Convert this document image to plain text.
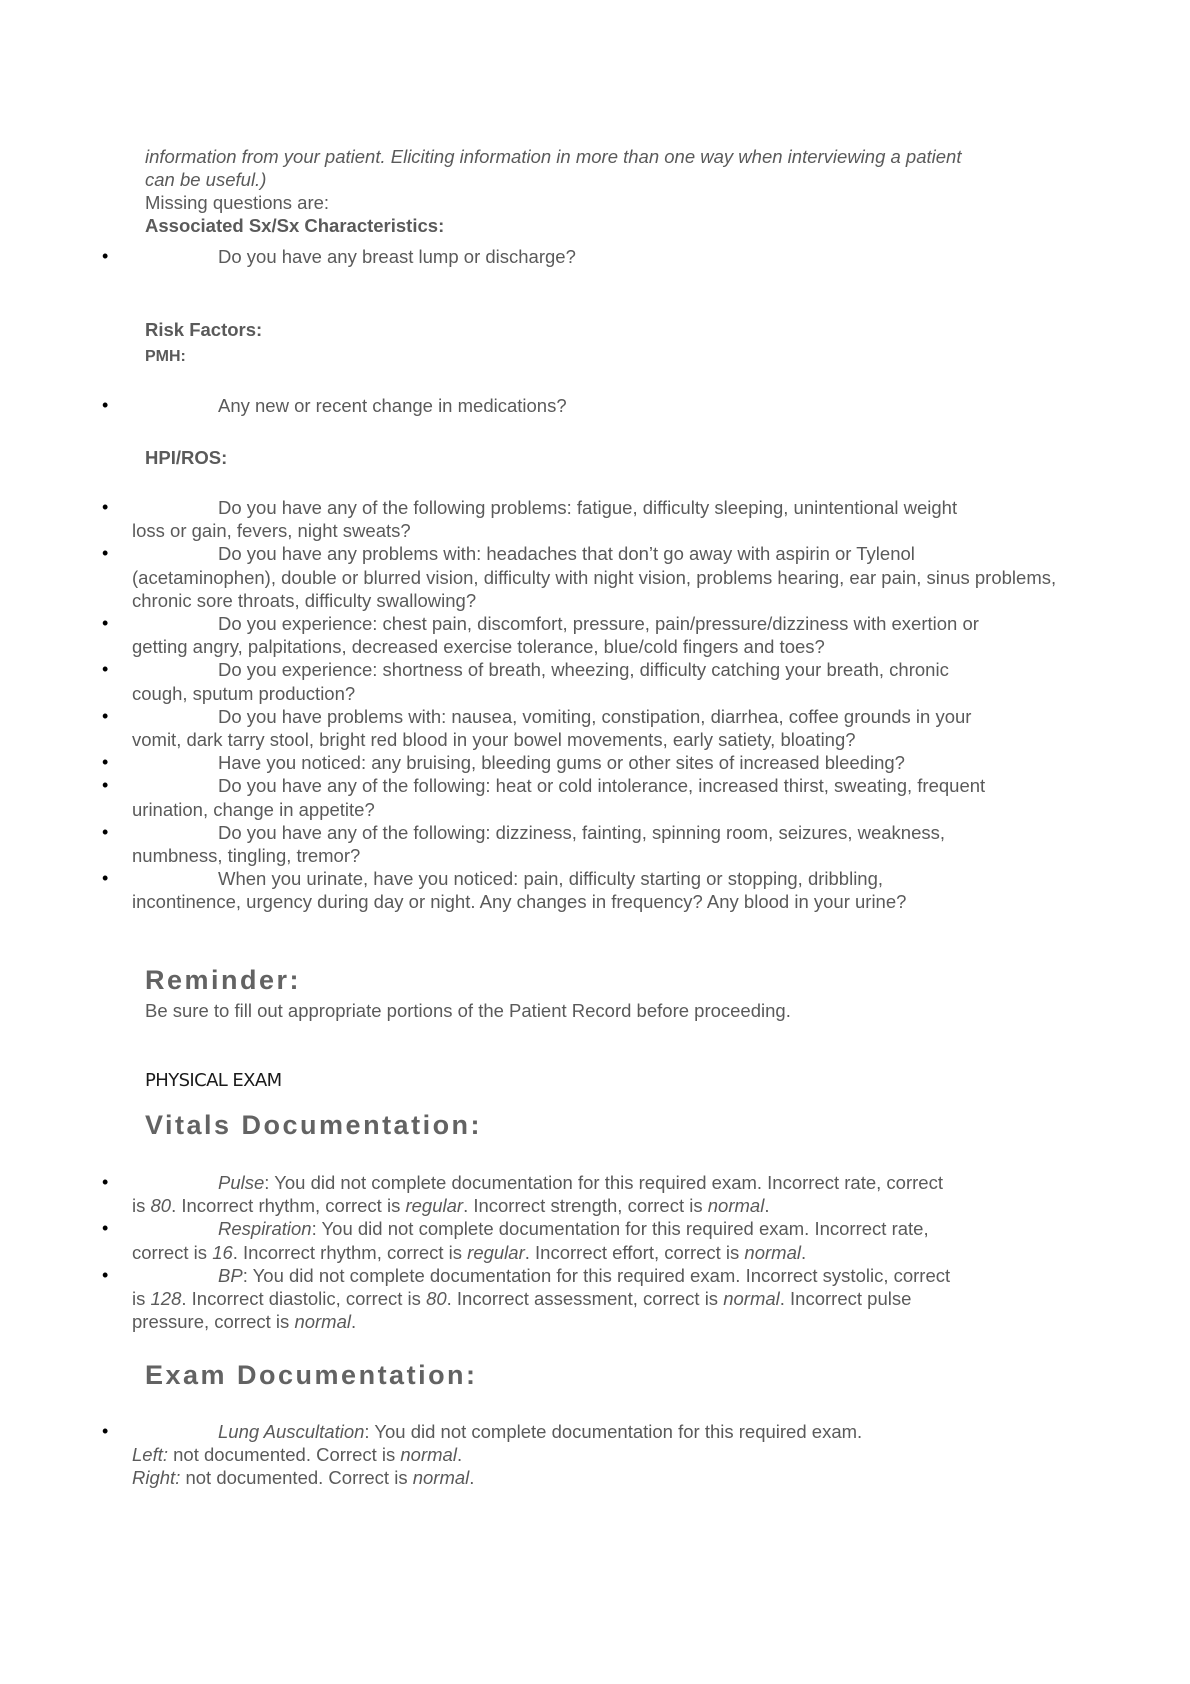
information from your patient. Eliciting information in more than one way when interviewing a patient
can be useful.)
Missing questions are:
Associated Sx/Sx Characteristics:
•	Do you have any breast lump or discharge?
Risk Factors:
PMH:
•	Any new or recent change in medications?
HPI/ROS:
•	Do you have any of the following problems: fatigue, difficulty sleeping, unintentional weight
loss or gain, fevers, night sweats?
•	Do you have any problems with: headaches that don’t go away with aspirin or Tylenol
(acetaminophen), double or blurred vision, difficulty with night vision, problems hearing, ear pain, sinus problems, chronic sore throats, difficulty swallowing?
•	Do you experience: chest pain, discomfort, pressure, pain/pressure/dizziness with exertion or
getting angry, palpitations, decreased exercise tolerance, blue/cold fingers and toes?
•	Do you experience: shortness of breath, wheezing, difficulty catching your breath, chronic
cough, sputum production?
•	Do you have problems with: nausea, vomiting, constipation, diarrhea, coffee grounds in your
vomit, dark tarry stool, bright red blood in your bowel movements, early satiety, bloating?
•	Have you noticed: any bruising, bleeding gums or other sites of increased bleeding?
•	Do you have any of the following: heat or cold intolerance, increased thirst, sweating, frequent
urination, change in appetite?
•	Do you have any of the following: dizziness, fainting, spinning room, seizures, weakness,
numbness, tingling, tremor?
•	When you urinate, have you noticed: pain, difficulty starting or stopping, dribbling,
incontinence, urgency during day or night. Any changes in frequency? Any blood in your urine?
Reminder:
Be sure to fill out appropriate portions of the Patient Record before proceeding.
PHYSICAL EXAM
Vitals Documentation:
•	Pulse: You did not complete documentation for this required exam. Incorrect rate, correct
is 80. Incorrect rhythm, correct is regular. Incorrect strength, correct is normal.
•	Respiration: You did not complete documentation for this required exam. Incorrect rate,
correct is 16. Incorrect rhythm, correct is regular. Incorrect effort, correct is normal.
•	BP: You did not complete documentation for this required exam. Incorrect systolic, correct
is 128. Incorrect diastolic, correct is 80. Incorrect assessment, correct is normal. Incorrect pulse
pressure, correct is normal.
Exam Documentation:
•	Lung Auscultation: You did not complete documentation for this required exam.
Left: not documented. Correct is normal.
Right: not documented. Correct is normal.
